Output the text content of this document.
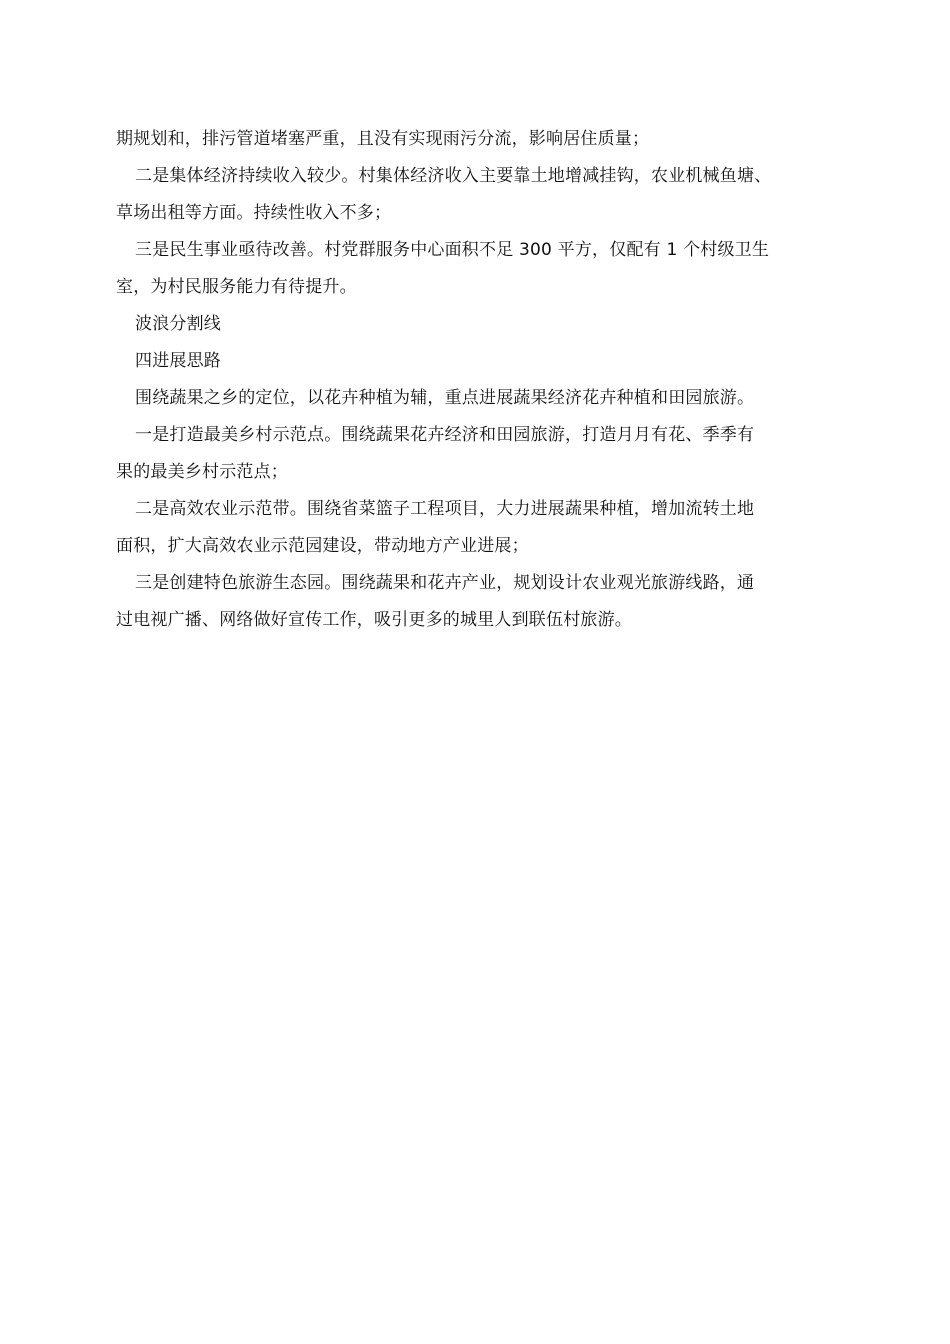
期规划和，排污管道堵塞严重，且没有实现雨污分流，影响居住质量；
二是集体经济持续收入较少。村集体经济收入主要靠土地增减挂钩，农业机械鱼塘、
草场出租等方面。持续性收入不多；
三是民生事业亟待改善。村党群服务中心面积不足 300 平方，仅配有 1 个村级卫生
室，为村民服务能力有待提升。
波浪分割线
四进展思路
围绕蔬果之乡的定位，以花卉种植为辅，重点进展蔬果经济花卉种植和田园旅游。
一是打造最美乡村示范点。围绕蔬果花卉经济和田园旅游，打造月月有花、季季有
果的最美乡村示范点；
二是高效农业示范带。围绕省菜篮子工程项目，大力进展蔬果种植，增加流转土地
面积，扩大高效农业示范园建设，带动地方产业进展；
三是创建特色旅游生态园。围绕蔬果和花卉产业，规划设计农业观光旅游线路，通
过电视广播、网络做好宣传工作，吸引更多的城里人到联伍村旅游。
